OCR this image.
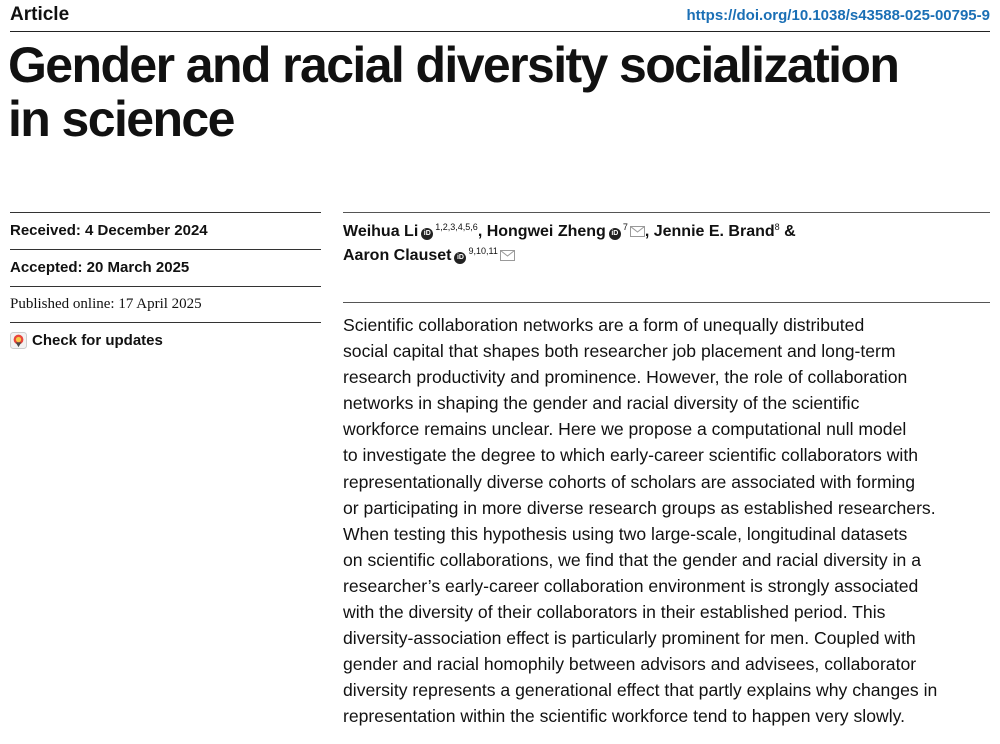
Article	https://doi.org/10.1038/s43588-025-00795-9
Gender and racial diversity socialization
in science
Received: 4 December 2024
Accepted: 20 March 2025
Published online: 17 April 2025
Check for updates
Weihua Li iD$^{1,2,3,4,5,6}$, Hongwei Zheng $iD^7$ , Jennie E. Brand$^8$ &
Aaron Clauset iD$^{9,10,11}$
Scientific collaboration networks are a form of unequally distributed
social capital that shapes both researcher job placement and long-term
research productivity and prominence. However, the role of collaboration
networks in shaping the gender and racial diversity of the scientific
workforce remains unclear. Here we propose a computational null model
to investigate the degree to which early-career scientific collaborators with
representationally diverse cohorts of scholars are associated with forming
or participating in more diverse research groups as established researchers.
When testing this hypothesis using two large-scale, longitudinal datasets
on scientific collaborations, we find that the gender and racial diversity in a
researcher’s early-career collaboration environment is strongly associated
with the diversity of their collaborators in their established period. This
diversity-association effect is particularly prominent for men. Coupled with
gender and racial homophily between advisors and advisees, collaborator
diversity represents a generational effect that partly explains why changes in
representation within the scientific workforce tend to happen very slowly.
